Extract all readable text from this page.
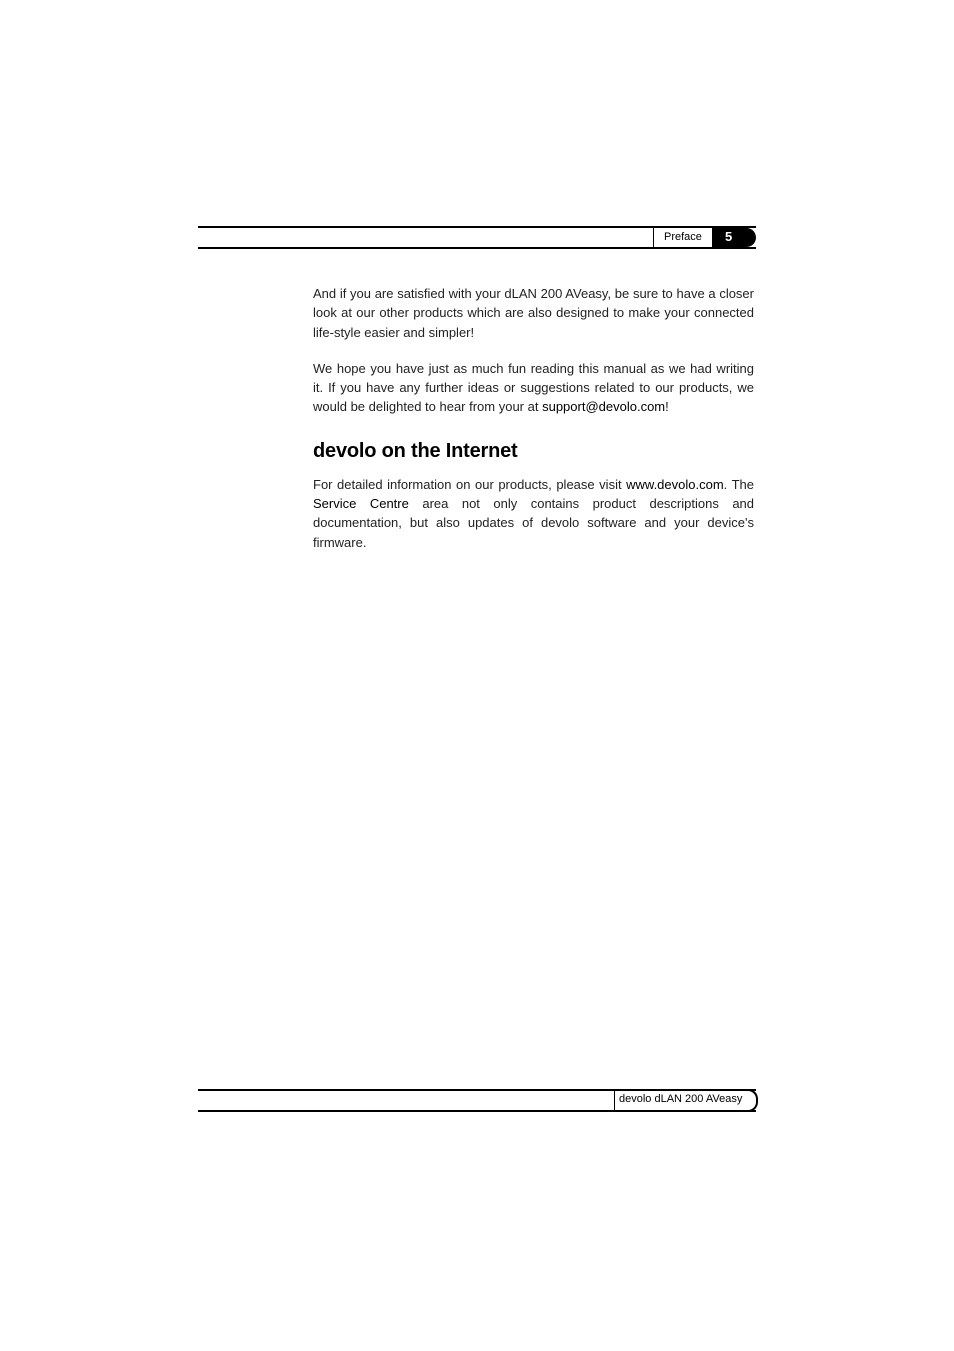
Preface 5

And if you are satisfied with your dLAN 200 AVeasy, be sure to have a closer look at our other products which are also designed to make your connected life-style easier and simpler!

We hope you have just as much fun reading this manual as we had writing it. If you have any further ideas or suggestions related to our products, we would be delighted to hear from your at support@devolo.com!

devolo on the Internet

For detailed information on our products, please visit www.devolo.com. The Service Centre area not only contains product descriptions and documentation, but also updates of devolo software and your device's firmware.

devolo dLAN 200 AVeasy
